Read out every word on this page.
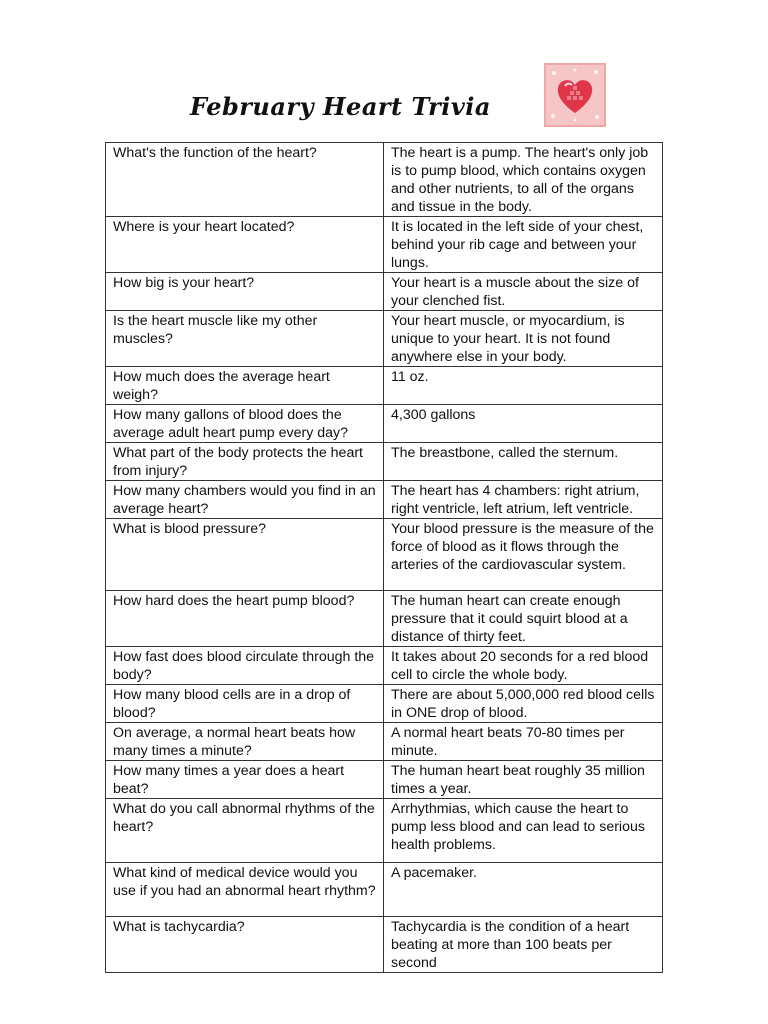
February Heart Trivia
What's the function of the heart?	The heart is a pump. The heart's only job is to pump blood, which contains oxygen and other nutrients, to all of the organs and tissue in the body.
Where is your heart located?	It is located in the left side of your chest, behind your rib cage and between your lungs.
How big is your heart?	Your heart is a muscle about the size of your clenched fist.
Is the heart muscle like my other muscles?	Your heart muscle, or myocardium, is unique to your heart. It is not found anywhere else in your body.
How much does the average heart weigh?	11 oz.
How many gallons of blood does the average adult heart pump every day?	4,300 gallons
What part of the body protects the heart from injury?	The breastbone, called the sternum.
How many chambers would you find in an average heart?	The heart has 4 chambers: right atrium, right ventricle, left atrium, left ventricle.
What is blood pressure?	Your blood pressure is the measure of the force of blood as it flows through the arteries of the cardiovascular system.
How hard does the heart pump blood?	The human heart can create enough pressure that it could squirt blood at a distance of thirty feet.
How fast does blood circulate through the body?	It takes about 20 seconds for a red blood cell to circle the whole body.
How many blood cells are in a drop of blood?	There are about 5,000,000 red blood cells in ONE drop of blood.
On average, a normal heart beats how many times a minute?	A normal heart beats 70-80 times per minute.
How many times a year does a heart beat?	The human heart beat roughly 35 million times a year.
What do you call abnormal rhythms of the heart?	Arrhythmias, which cause the heart to pump less blood and can lead to serious health problems.
What kind of medical device would you use if you had an abnormal heart rhythm?	A pacemaker.
What is tachycardia?	Tachycardia is the condition of a heart beating at more than 100 beats per second
